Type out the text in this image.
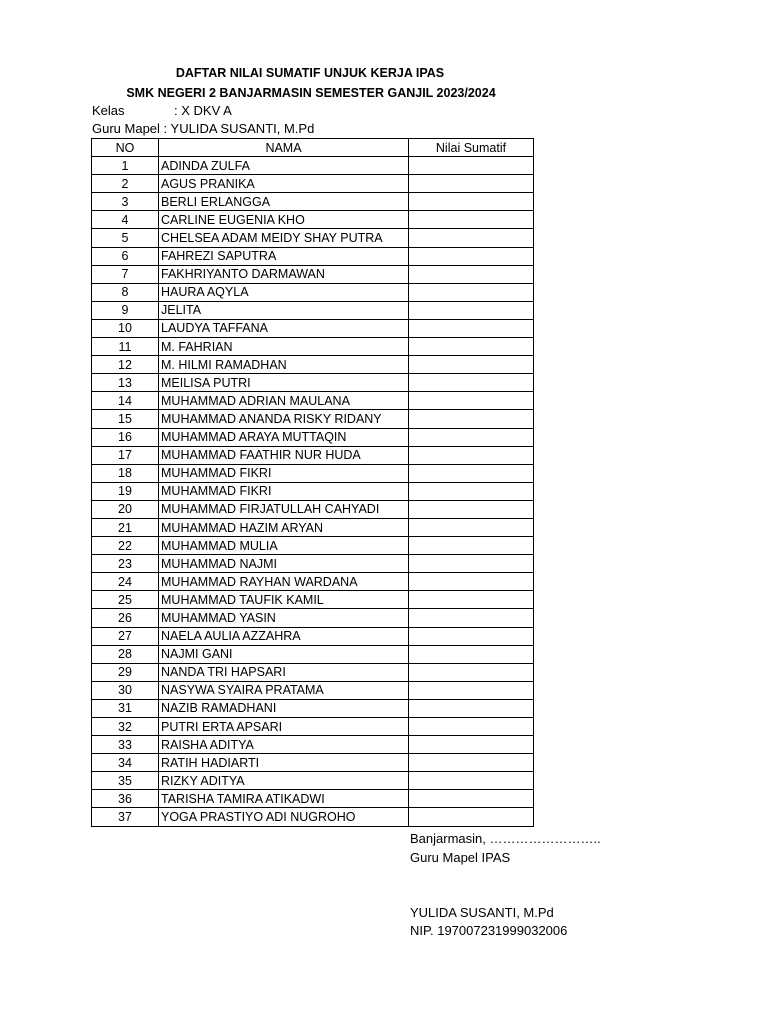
DAFTAR NILAI SUMATIF UNJUK KERJA IPAS
SMK NEGERI 2 BANJARMASIN SEMESTER GANJIL 2023/2024
Kelas	: X DKV A
Guru Mapel : YULIDA SUSANTI, M.Pd
NO	NAMA	Nilai Sumatif
1	ADINDA ZULFA	
2	AGUS PRANIKA	
3	BERLI ERLANGGA	
4	CARLINE EUGENIA KHO	
5	CHELSEA ADAM MEIDY SHAY PUTRA	
6	FAHREZI SAPUTRA	
7	FAKHRIYANTO DARMAWAN	
8	HAURA AQYLA	
9	JELITA	
10	LAUDYA TAFFANA	
11	M. FAHRIAN	
12	M. HILMI RAMADHAN	
13	MEILISA PUTRI	
14	MUHAMMAD ADRIAN MAULANA	
15	MUHAMMAD ANANDA RISKY RIDANY	
16	MUHAMMAD ARAYA MUTTAQIN	
17	MUHAMMAD FAATHIR NUR HUDA	
18	MUHAMMAD FIKRI	
19	MUHAMMAD FIKRI	
20	MUHAMMAD FIRJATULLAH CAHYADI	
21	MUHAMMAD HAZIM ARYAN	
22	MUHAMMAD MULIA	
23	MUHAMMAD NAJMI	
24	MUHAMMAD RAYHAN WARDANA	
25	MUHAMMAD TAUFIK KAMIL	
26	MUHAMMAD YASIN	
27	NAELA AULIA AZZAHRA	
28	NAJMI GANI	
29	NANDA TRI HAPSARI	
30	NASYWA SYAIRA PRATAMA	
31	NAZIB RAMADHANI	
32	PUTRI ERTA APSARI	
33	RAISHA ADITYA	
34	RATIH HADIARTI	
35	RIZKY ADITYA	
36	TARISHA TAMIRA ATIKADWI	
37	YOGA PRASTIYO ADI NUGROHO	
Banjarmasin, ……………………..
Guru Mapel IPAS
YULIDA SUSANTI, M.Pd
NIP. 197007231999032006
